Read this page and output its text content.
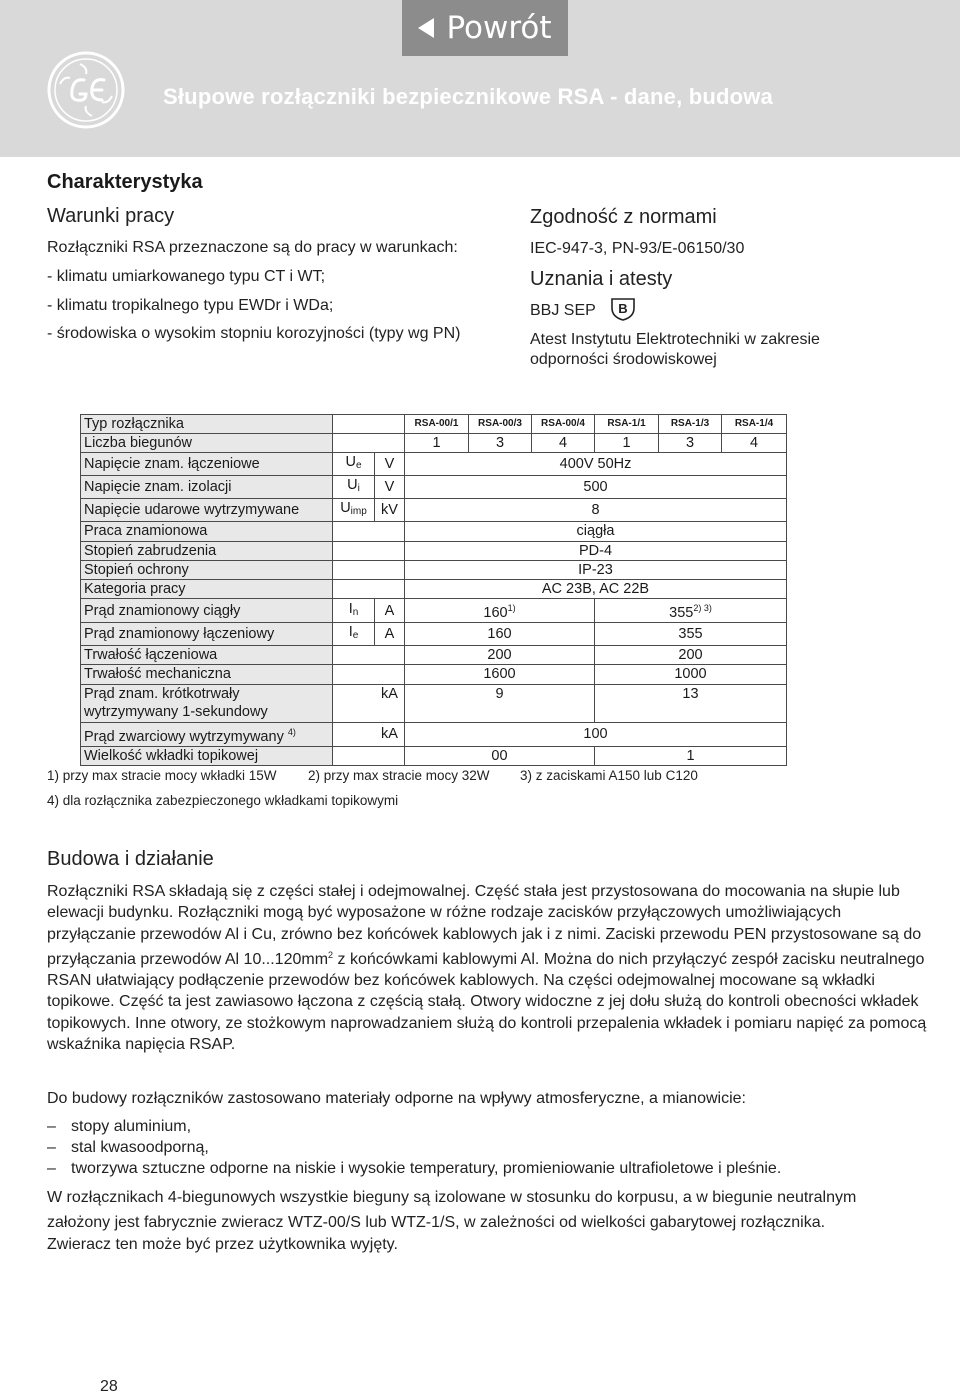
Powrót
Słupowe rozłączniki bezpiecznikowe RSA - dane, budowa
Charakterystyka
Warunki pracy
Rozłączniki RSA przeznaczone są do pracy w warunkach:
- klimatu umiarkowanego typu CT i WT;
- klimatu tropikalnego typu EWDr i WDa;
- środowiska o wysokim stopniu korozyjności (typy wg PN)
Zgodność z normami
IEC-947-3, PN-93/E-06150/30
Uznania i atesty
BBJ SEP B
Atest Instytutu Elektrotechniki w zakresie
odporności środowiskowej
Typ rozłącznika			RSA-00/1	RSA-00/3	RSA-00/4	RSA-1/1	RSA-1/3	RSA-1/4
Liczba biegunów			1	3	4	1	3	4
Napięcie znam. łączeniowe	$U_e$	V	400V 50Hz					
Napięcie znam. izolacji	$U_i$	V	500					
Napięcie udarowe wytrzymywane	$U_{imp}$	kV	8					
Praca znamionowa			ciągła					
Stopień zabrudzenia			PD-4					
Stopień ochrony			IP-23					
Kategoria pracy			AC 23B, AC 22B					
Prąd znamionowy ciągły	$I_n$	A	160$^{1)}$			$355^{2) 3)}$
Prąd znamionowy łączeniowy	$I_e$	A	160			355		
Trwałość łączeniowa			200			200		
Trwałość mechaniczna			1600			1000		
Prąd znam. krótkotrwały wytrzymywany 1-sekundowy		kA	9			13		
Prąd zwarciowy wytrzymywany $^{4)}$		kA	100					
Wielkość wkładki topikowej			00			1		
1) przy max stracie mocy wkładki 15W 2) przy max stracie mocy 32W 3) z zaciskami A150 lub C120
4) dla rozłącznika zabezpieczonego wkładkami topikowymi
Budowa i działanie
Rozłączniki RSA składają się z części stałej i odejmowalnej. Część stała jest przystosowana do mocowania na słupie lub elewacji budynku. Rozłączniki mogą być wyposażone w różne rodzaje zacisków przyłączowych umożliwiających przyłączanie przewodów Al i Cu, zrówno bez końcówek kablowych jak i z nimi. Zaciski przewodu PEN przystosowane są do przyłączania przewodów Al $10...120mm^2$ z końcówkami kablowymi Al. Można do nich przyłączyć zespół zacisku neutralnego RSAN ułatwiający podłączenie przewodów bez końcówek kablowych. Na części odejmowalnej mocowane są wkładki topikowe. Część ta jest zawiasowo łączona z częścią stałą. Otwory widoczne z jej dołu służą do kontroli obecności wkładek topikowych. Inne otwory, ze stożkowym naprowadzaniem służą do kontroli przepalenia wkładek i pomiaru napięć za pomocą wskaźnika napięcia RSAP.
Do budowy rozłączników zastosowano materiały odporne na wpływy atmosferyczne, a mianowicie:
– stopy aluminium,
– stal kwasoodporną,
– tworzywa sztuczne odporne na niskie i wysokie temperatury, promieniowanie ultrafioletowe i pleśnie.
W rozłącznikach 4-biegunowych wszystkie bieguny są izolowane w stosunku do korpusu, a w biegunie neutralnym
założony jest fabrycznie zwieracz WTZ-00/S lub WTZ-1/S, w zależności od wielkości gabarytowej rozłącznika.
Zwieracz ten może być przez użytkownika wyjęty.
28
